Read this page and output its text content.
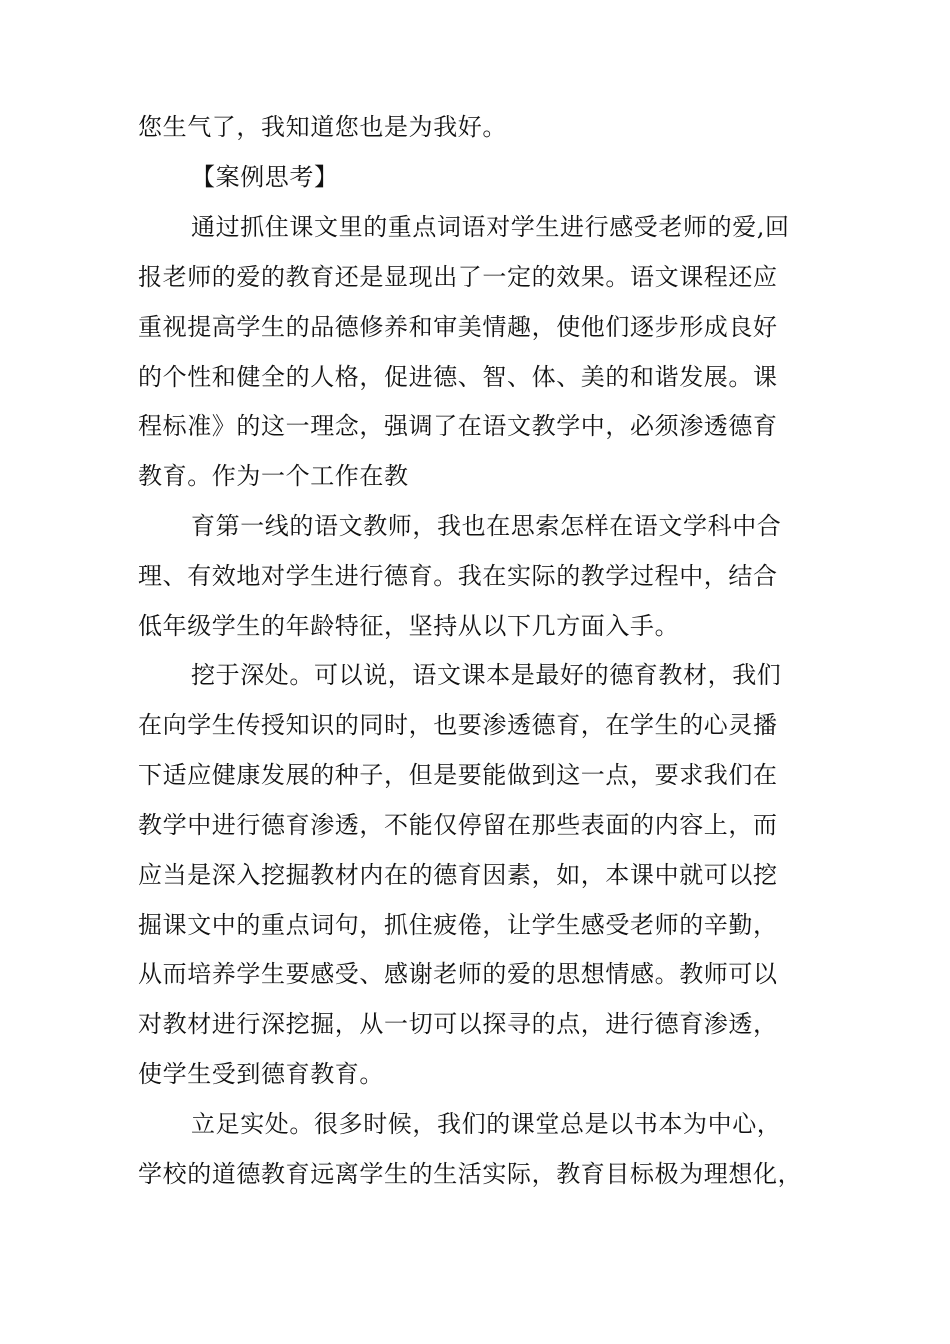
您生气了，我知道您也是为我好。
【案例思考】
通过抓住课文里的重点词语对学生进行感受老师的爱,回
报老师的爱的教育还是显现出了一定的效果。语文课程还应
重视提高学生的品德修养和审美情趣，使他们逐步形成良好
的个性和健全的人格，促进德、智、体、美的和谐发展。课
程标准》的这一理念，强调了在语文教学中，必须渗透德育
教育。作为一个工作在教
育第一线的语文教师，我也在思索怎样在语文学科中合
理、有效地对学生进行德育。我在实际的教学过程中，结合
低年级学生的年龄特征，坚持从以下几方面入手。
挖于深处。可以说，语文课本是最好的德育教材，我们
在向学生传授知识的同时，也要渗透德育，在学生的心灵播
下适应健康发展的种子，但是要能做到这一点，要求我们在
教学中进行德育渗透，不能仅停留在那些表面的内容上，而
应当是深入挖掘教材内在的德育因素，如，本课中就可以挖
掘课文中的重点词句，抓住疲倦，让学生感受老师的辛勤，
从而培养学生要感受、感谢老师的爱的思想情感。教师可以
对教材进行深挖掘，从一切可以探寻的点，进行德育渗透，
使学生受到德育教育。
立足实处。很多时候，我们的课堂总是以书本为中心，
学校的道德教育远离学生的生活实际，教育目标极为理想化，
